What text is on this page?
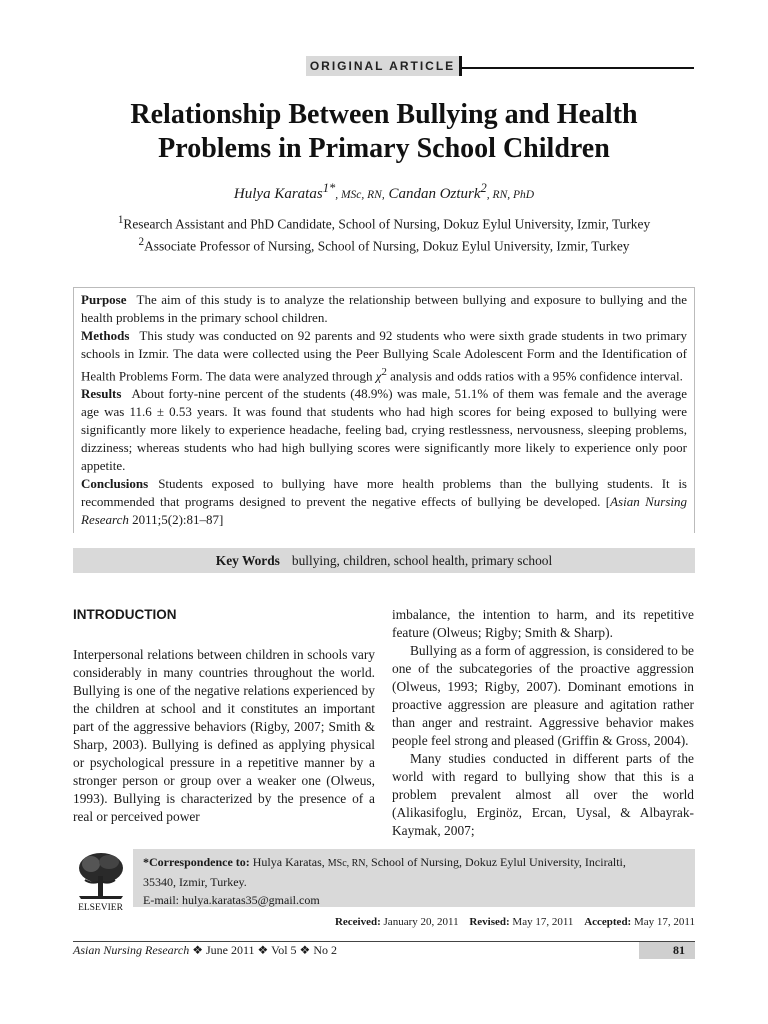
ORIGINAL ARTICLE
Relationship Between Bullying and Health
Problems in Primary School Children
Hulya Karatas$^{1*}$, MSc, RN, Candan Ozturk$^2$, RN, PhD
$^1$Research Assistant and PhD Candidate, School of Nursing, Dokuz Eylul University, Izmir, Turkey
$^2$Associate Professor of Nursing, School of Nursing, Dokuz Eylul University, Izmir, Turkey

Purpose The aim of this study is to analyze the relationship between bullying and exposure to bullying and the health problems in the primary school children.

Methods This study was conducted on 92 parents and 92 students who were sixth grade students in two primary schools in Izmir. The data were collected using the Peer Bullying Scale Adolescent Form and the Identification of Health Problems Form. The data were analyzed through $\chi^2$ analysis and odds ratios with a 95% confidence interval.

Results About forty-nine percent of the students (48.9%) was male, 51.1% of them was female and the average age was 11.6 ± 0.53 years. It was found that students who had high scores for being exposed to bullying were significantly more likely to experience headache, feeling bad, crying restlessness, nervousness, sleeping problems, dizziness; whereas students who had high bullying scores were significantly more likely to experience only poor appetite.

Conclusions Students exposed to bullying have more health problems than the bullying students. It is recommended that programs designed to prevent the negative effects of bullying be developed. [Asian Nursing Research 2011;5(2):81–87]

Key Words bullying, children, school health, primary school
INTRODUCTION

Interpersonal relations between children in schools vary considerably in many countries throughout the world. Bullying is one of the negative relations experienced by the children at school and it constitutes an important part of the aggressive behaviors (Rigby, 2007; Smith & Sharp, 2003). Bullying is defined as applying physical or psychological pressure in a repetitive manner by a stronger person or group over a weaker one (Olweus, 1993). Bullying is characterized by the presence of a real or perceived power

imbalance, the intention to harm, and its repetitive feature (Olweus; Rigby; Smith & Sharp).

Bullying as a form of aggression, is considered to be one of the subcategories of the proactive aggression (Olweus, 1993; Rigby, 2007). Dominant emotions in proactive aggression are pleasure and agitation rather than anger and restraint. Aggressive behavior makes people feel strong and pleased (Griffin & Gross, 2004).

Many studies conducted in different parts of the world with regard to bullying show that this is a problem prevalent almost all over the world (Alikasifoglu, Erginöz, Ercan, Uysal, & Albayrak-Kaymak, 2007;

ELSEVIER
*Correspondence to: Hulya Karatas, MSc, RN, School of Nursing, Dokuz Eylul University, Inciralti,
35340, Izmir, Turkey.
E-mail: hulya.karatas35@gmail.com
Received: January 20, 2011 Revised: May 17, 2011 Accepted: May 17, 2011
Asian Nursing Research ❖ June 2011 ❖ Vol 5 ❖ No 2	81
